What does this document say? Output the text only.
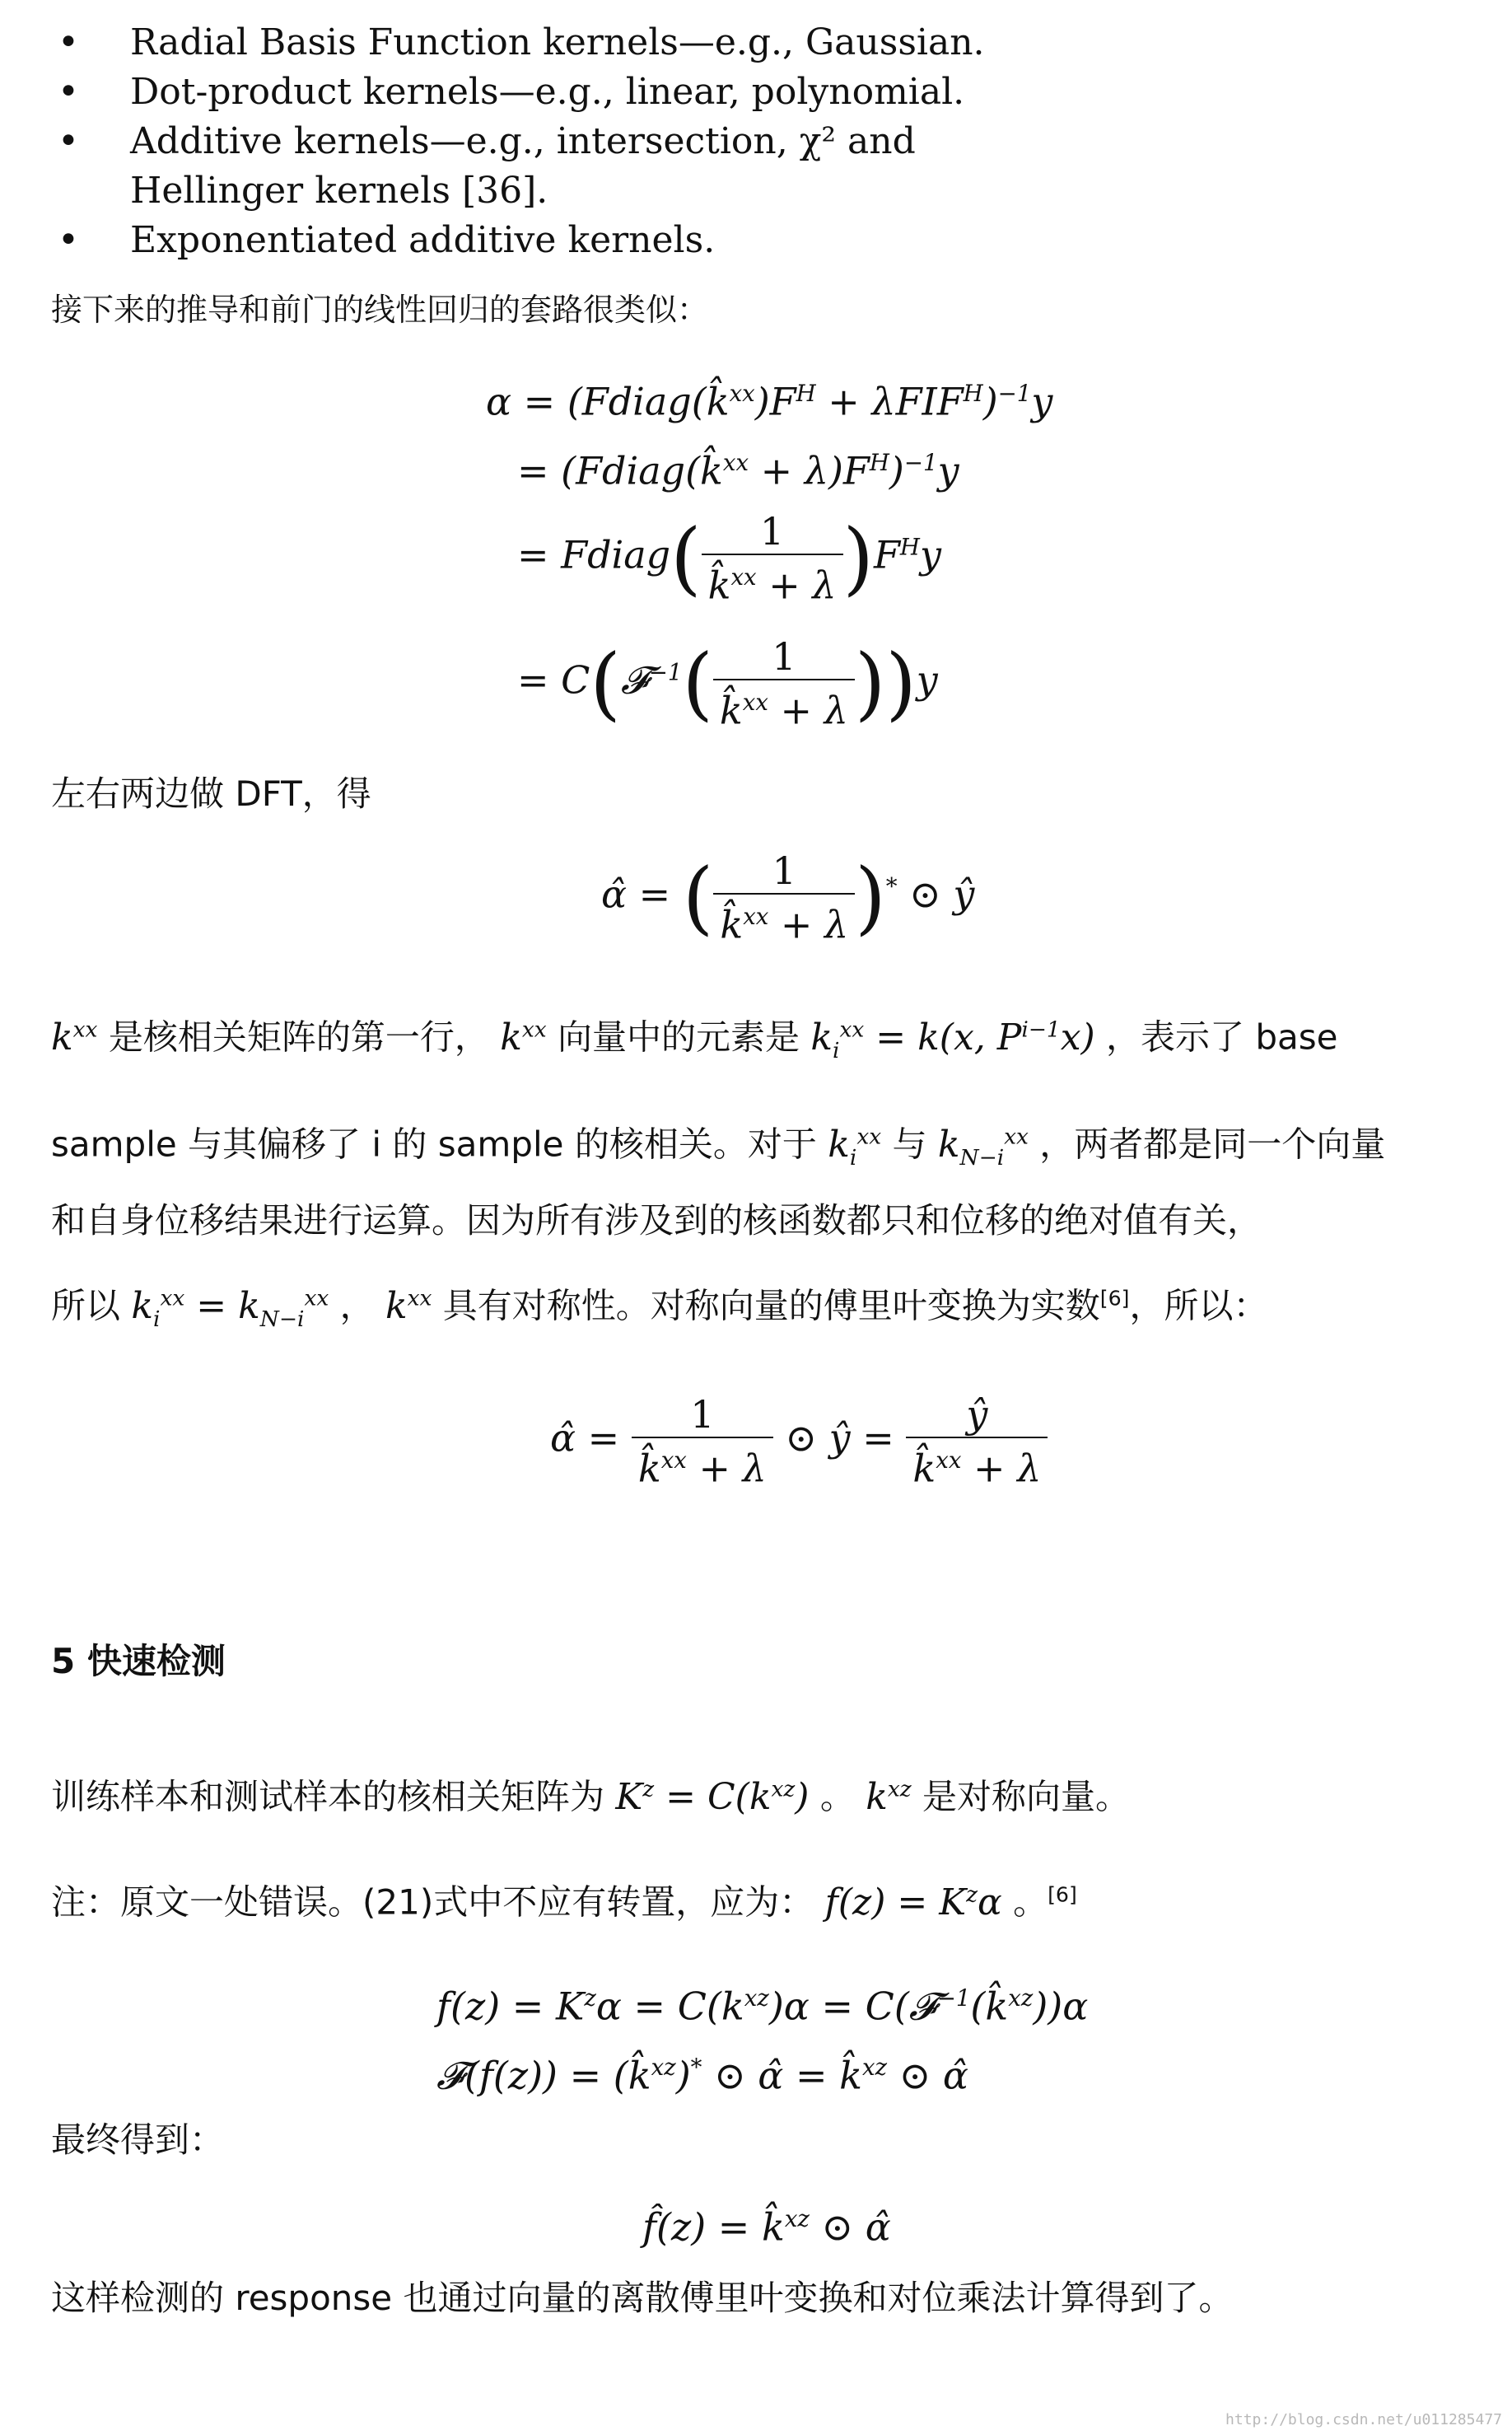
• Radial Basis Function kernels—e.g., Gaussian.
• Dot-product kernels—e.g., linear, polynomial.
• Additive kernels—e.g., intersection, χ² and Hellinger kernels [36].
• Exponentiated additive kernels.

接下来的推导和前门的线性回归的套路很类似：

$\alpha = (Fdiag(k̂^{xx})F^H + \lambda FIF^H)^{-1}y$
= (Fdiag(k̂$^{xx}$ + $\lambda)F^H)^{-1}y$
= Fdiag( $\frac{1}{k̂^{xx} + \lambda} )F^Hy$
= C(𝓕$^{-1}$( $\frac{1}{k̂^{xx} + \lambda} ))y$

左右两边做 DFT，得

α̂ = ( $\frac{1}{k̂^{xx} + \lambda} )^*$ ⊙ ŷ

$k^{xx}$ 是核相关矩阵的第一行， $k^{xx}$ 向量中的元素是 $k_i^{xx} = k(x$, $P^{i-1}x$) ，表示了 base

sample 与其偏移了 i 的 sample 的核相关。对于 $k_i^{xx}$ 与 $k_{N-i}^{xx}$ ，两者都是同一个向量

和自身位移结果进行运算。因为所有涉及到的核函数都只和位移的绝对值有关，

所以 $k_i^{xx} = k_{N-i}^{xx}$ ， $k^{xx}$ 具有对称性。对称向量的傅里叶变换为实数[6]，所以：

α̂ = $\frac{1}{k̂^{xx} + \lambda}$ ⊙ ŷ = $\frac{ŷ}{k̂^{xx} + \lambda}$
5 快速检测

训练样本和测试样本的核相关矩阵为 $K^z = C(k^{xz})$ 。 $k^{xz}$ 是对称向量。

注：原文一处错误。(21)式中不应有转置，应为： $f(z) = K^z\alpha$ 。[6]

$f(z) = K^z\alpha = C(k^{xz})\alpha$ = C(𝓕$^{-1}$(k̂$^{xz}$))α
𝓕(f(z)) = (k̂$^{xz}$)* ⊙ α̂ = k̂$^{xz}$ ⊙ α̂

最终得到：

f̂(z) = k̂$^{xz}$ ⊙ α̂

这样检测的 response 也通过向量的离散傅里叶变换和对位乘法计算得到了。

http://blog.csdn.net/u011285477
